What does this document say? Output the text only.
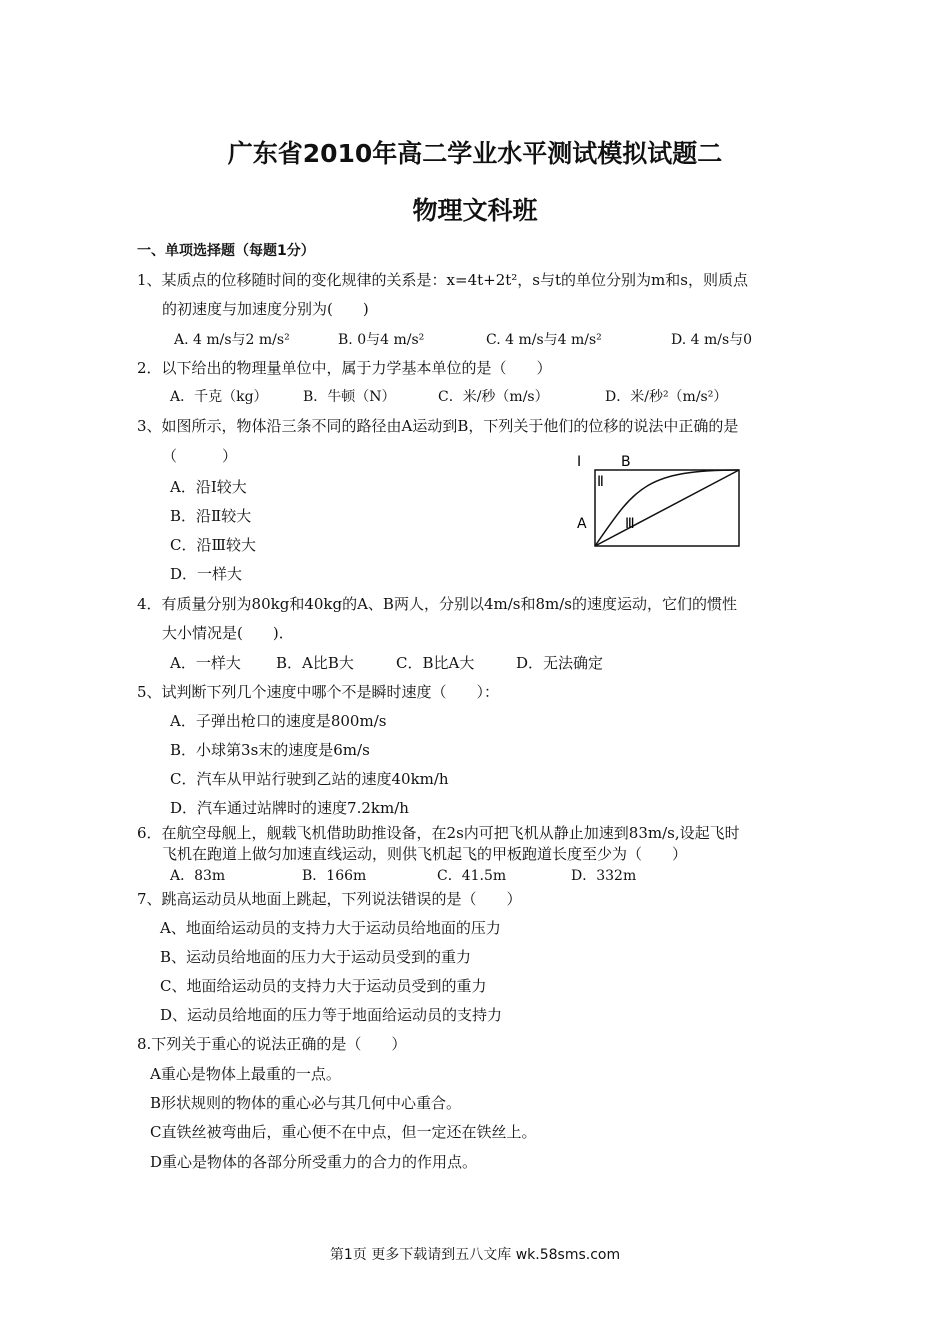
广东省2010年高二学业水平测试模拟试题二
物理文科班
一、单项选择题（每题1分）
1、某质点的位移随时间的变化规律的关系是：x=4t+2t²，s与t的单位分别为m和s，则质点
的初速度与加速度分别为(　　)
A. 4 m/s与2 m/s²	B. 0与4 m/s²	C. 4 m/s与4 m/s²	D. 4 m/s与0
2．以下给出的物理量单位中，属于力学基本单位的是（　　）
A．千克（kg）	B．牛顿（N）	C．米/秒（m/s）	D．米/秒²（m/s²）
3、如图所示，物体沿三条不同的路径由A运动到B，下列关于他们的位移的说法中正确的是
（　　　）
A．沿Ⅰ较大
B．沿Ⅱ较大
C．沿Ⅲ较大
D．一样大
Ⅰ	B
Ⅱ
A	Ⅲ
4．有质量分别为80kg和40kg的A、B两人，分别以4m/s和8m/s的速度运动，它们的惯性
大小情况是(　　)．
A．一样大 B．A比B大	C．B比A大	D．无法确定
5、试判断下列几个速度中哪个不是瞬时速度（　　）：
A．子弹出枪口的速度是800m/s
B．小球第3s末的速度是6m/s
C．汽车从甲站行驶到乙站的速度40km/h
D．汽车通过站牌时的速度7.2km/h
6．在航空母舰上，舰载飞机借助助推设备，在2s内可把飞机从静止加速到83m/s,设起飞时
飞机在跑道上做匀加速直线运动，则供飞机起飞的甲板跑道长度至少为（　　）
A．83m	B．166m	C．41.5m	D．332m
7、跳高运动员从地面上跳起，下列说法错误的是（　　）
A、地面给运动员的支持力大于运动员给地面的压力
B、运动员给地面的压力大于运动员受到的重力
C、地面给运动员的支持力大于运动员受到的重力
D、运动员给地面的压力等于地面给运动员的支持力
8.下列关于重心的说法正确的是（　　）
A重心是物体上最重的一点。
B形状规则的物体的重心必与其几何中心重合。
C直铁丝被弯曲后，重心便不在中点，但一定还在铁丝上。
D重心是物体的各部分所受重力的合力的作用点。
第1页 更多下载请到五八文库 wk.58sms.com
